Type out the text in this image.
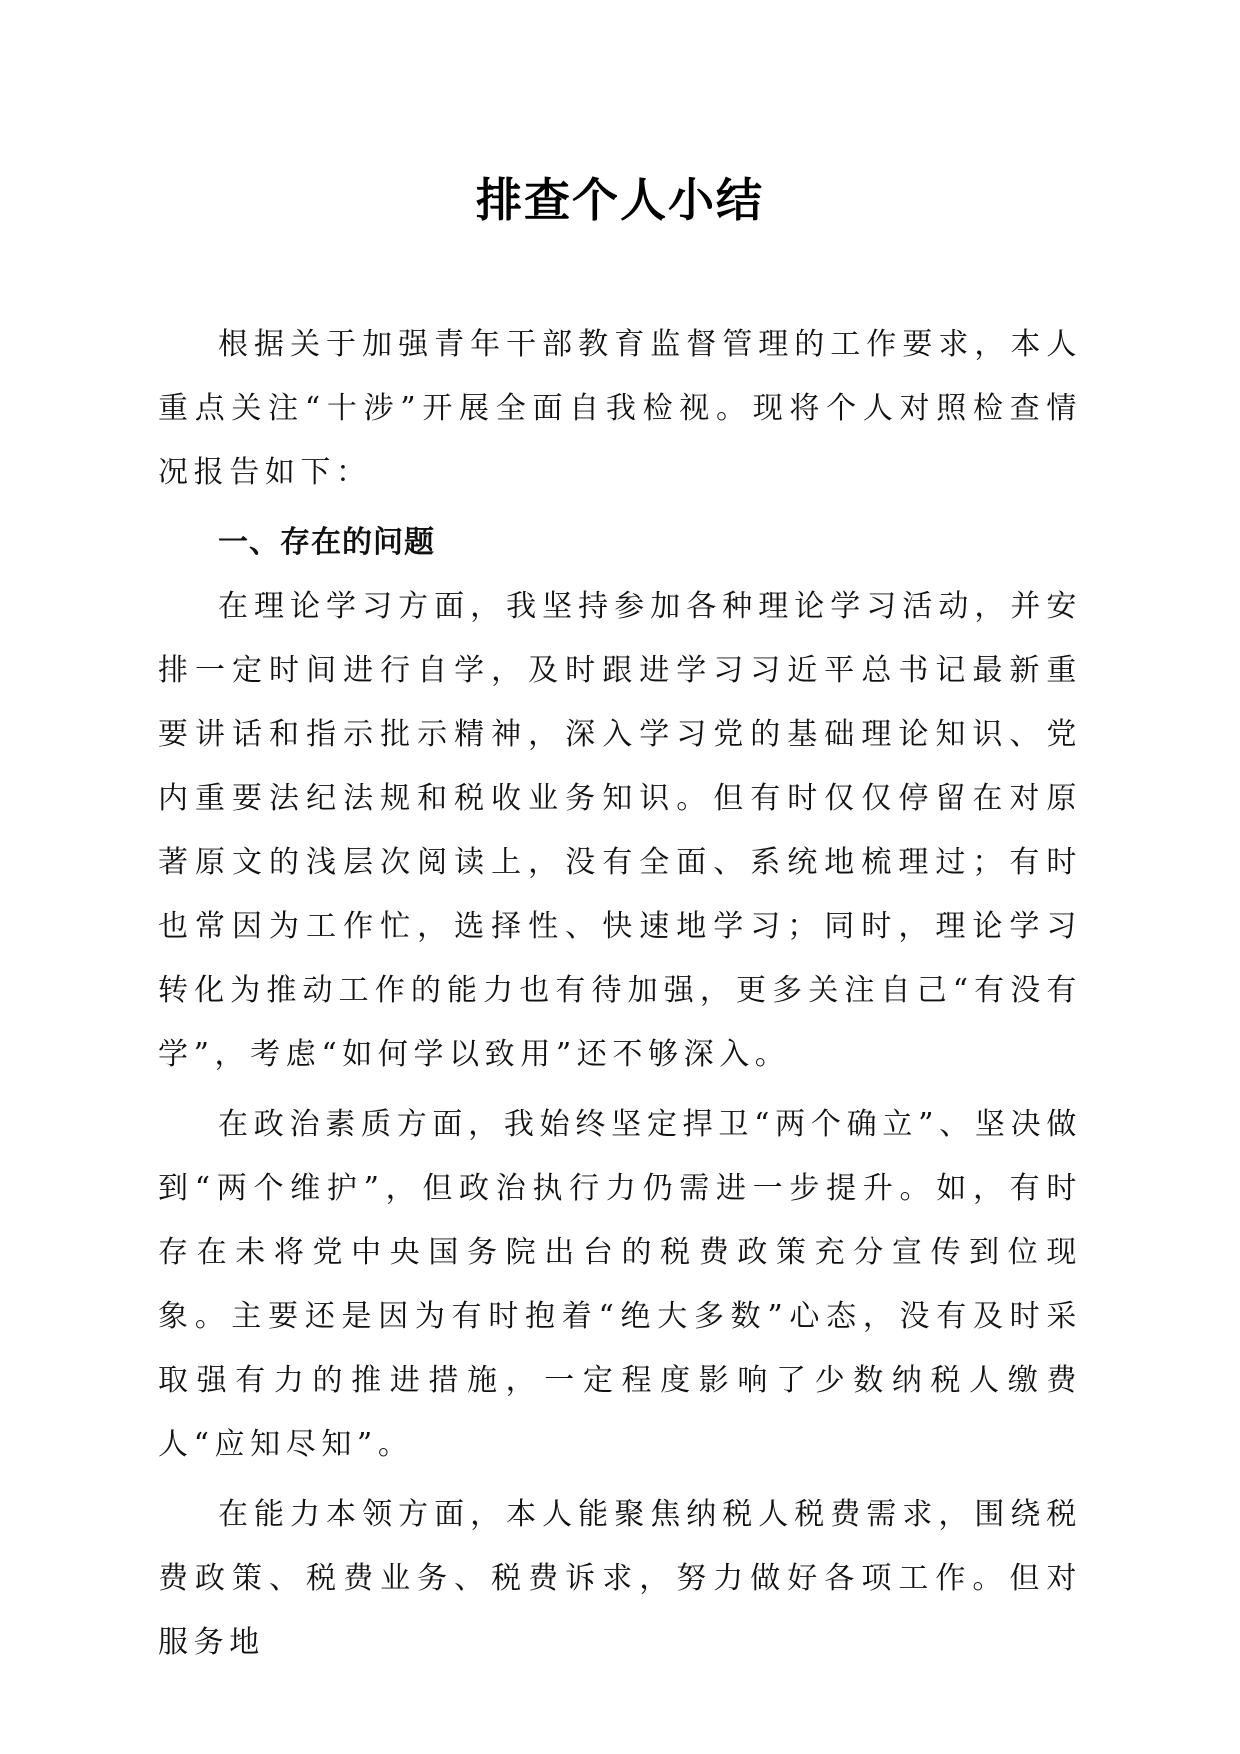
排查个人小结

根据关于加强青年干部教育监督管理的工作要求，本人重点关注“十涉”开展全面自我检视。现将个人对照检查情况报告如下：

一、存在的问题

在理论学习方面，我坚持参加各种理论学习活动，并安排一定时间进行自学，及时跟进学习习近平总书记最新重要讲话和指示批示精神，深入学习党的基础理论知识、党内重要法纪法规和税收业务知识。但有时仅仅停留在对原著原文的浅层次阅读上，没有全面、系统地梳理过；有时也常因为工作忙，选择性、快速地学习；同时，理论学习转化为推动工作的能力也有待加强，更多关注自己“有没有学”，考虑“如何学以致用”还不够深入。

在政治素质方面，我始终坚定捍卫“两个确立”、坚决做到“两个维护”，但政治执行力仍需进一步提升。如，有时存在未将党中央国务院出台的税费政策充分宣传到位现象。主要还是因为有时抱着“绝大多数”心态，没有及时采取强有力的推进措施，一定程度影响了少数纳税人缴费人“应知尽知”。

在能力本领方面，本人能聚焦纳税人税费需求，围绕税费政策、税费业务、税费诉求，努力做好各项工作。但对服务地
